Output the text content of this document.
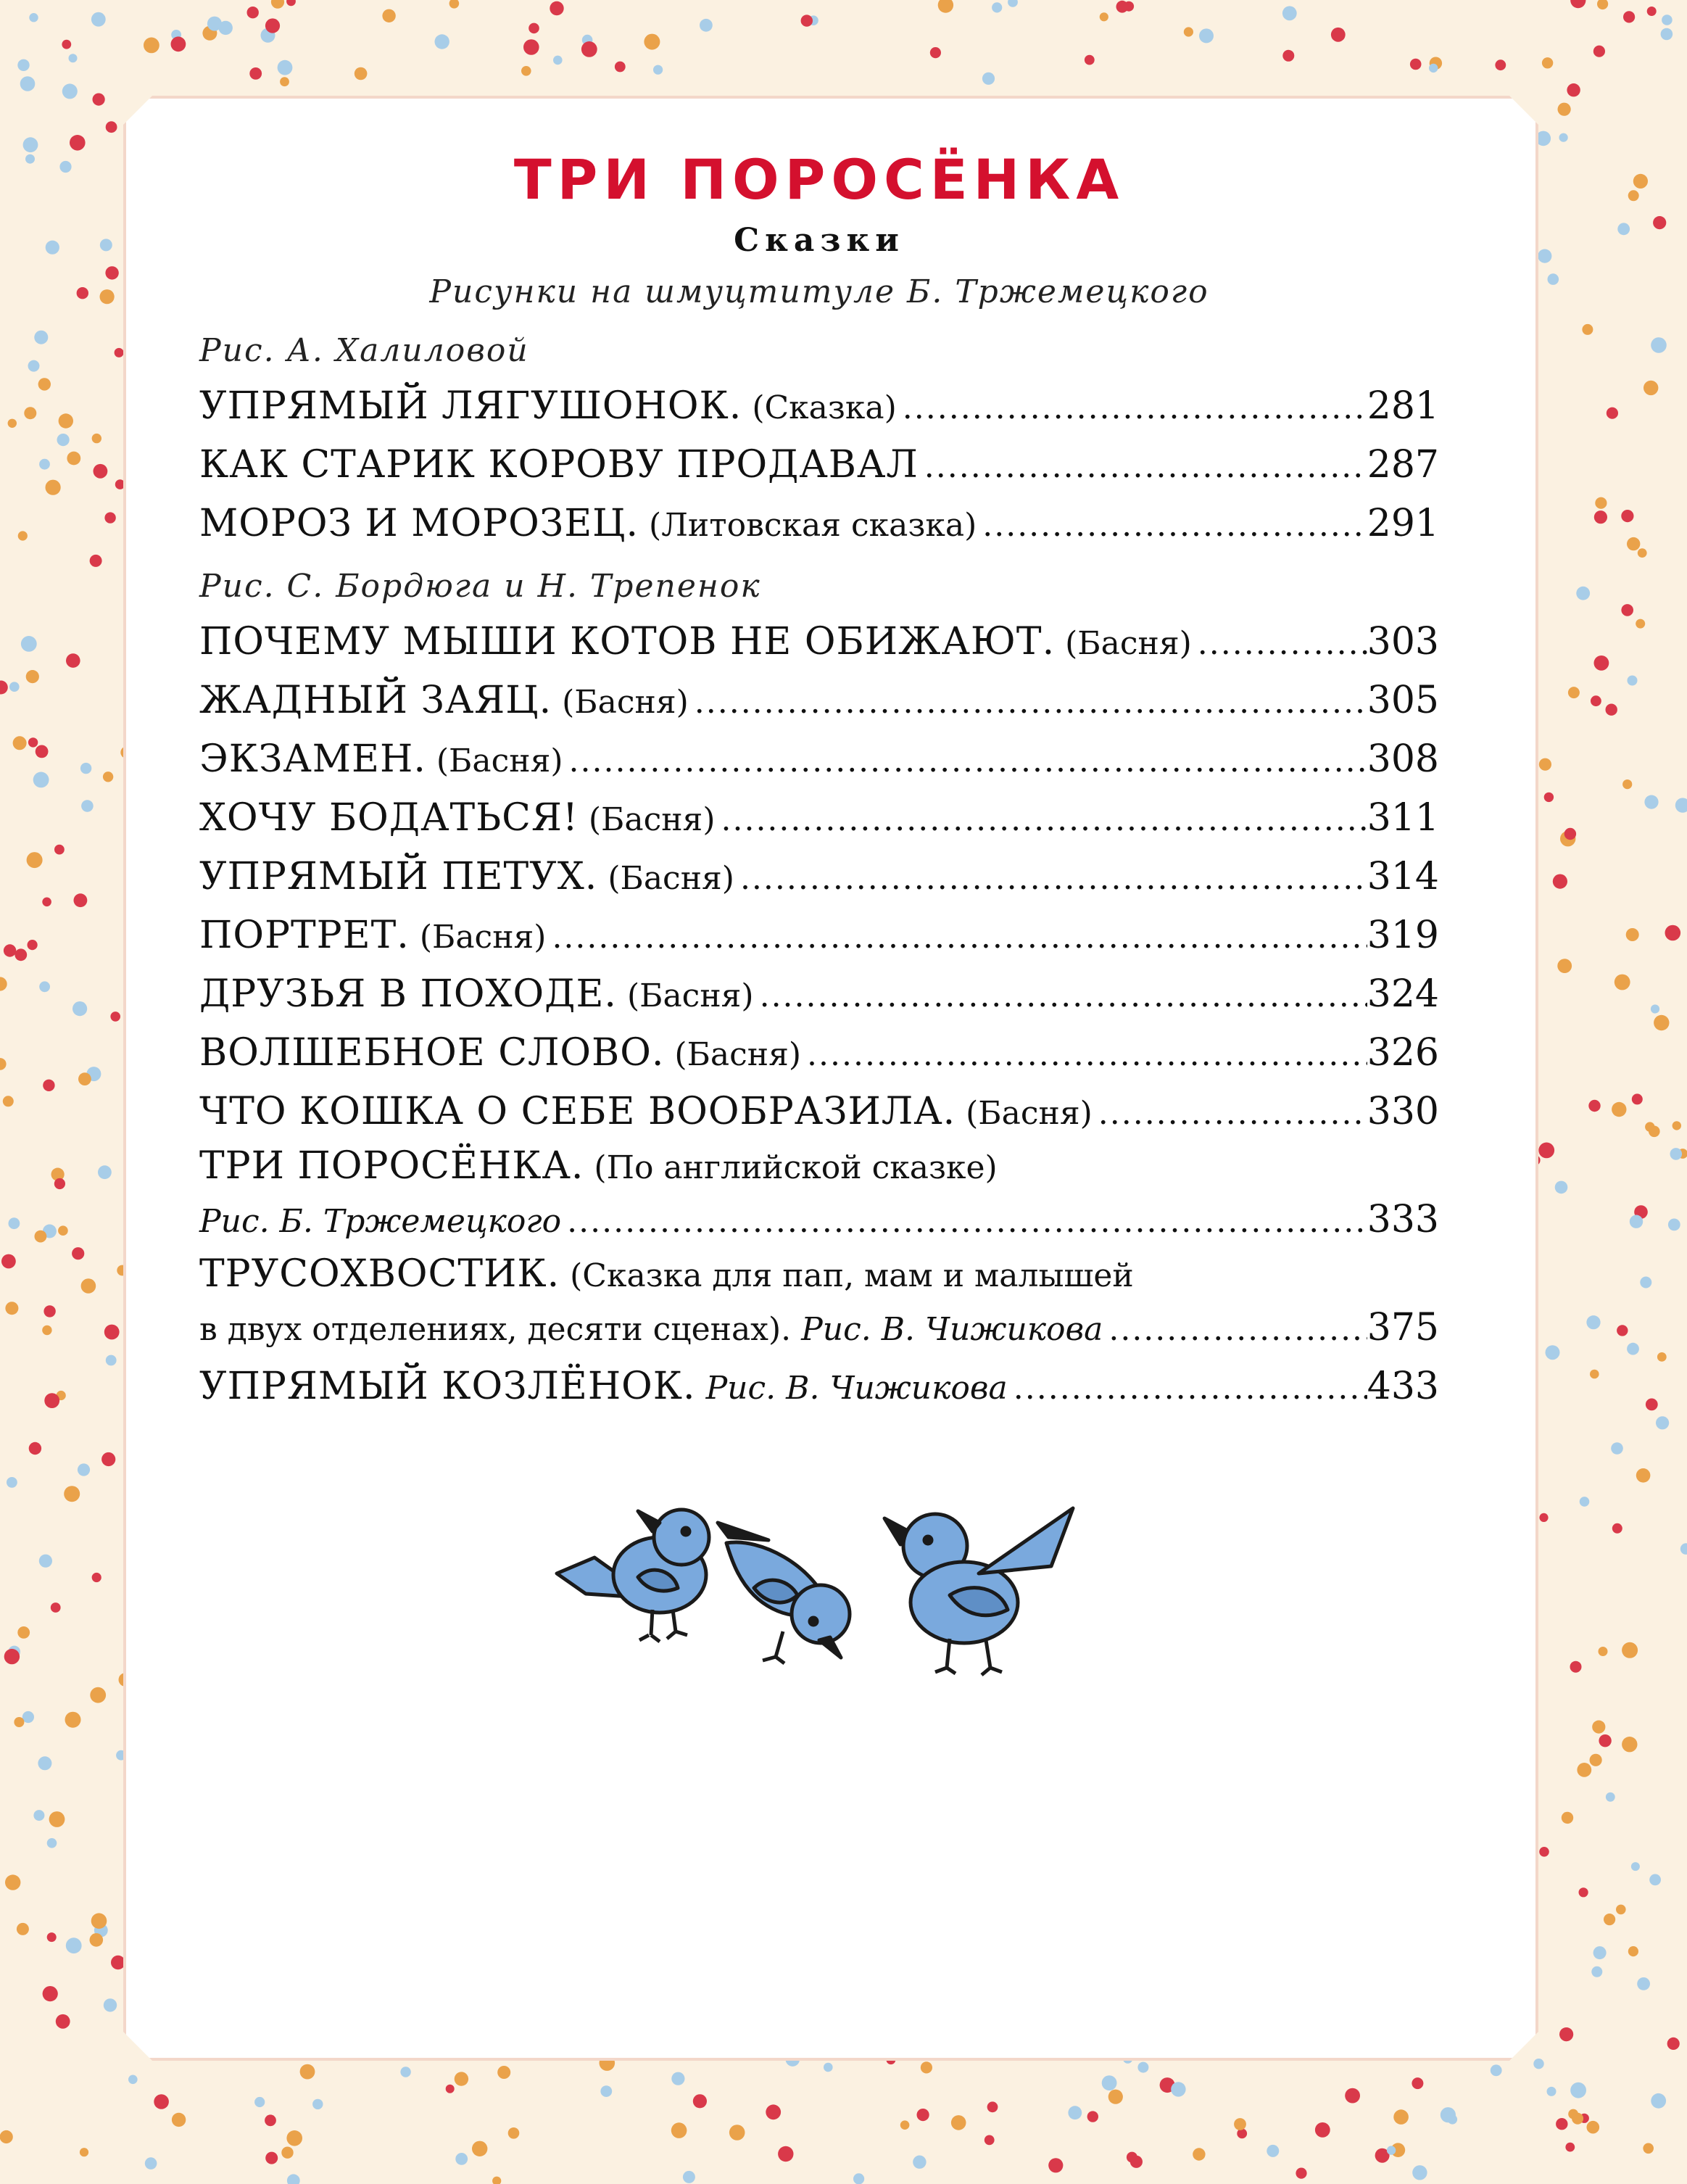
ТРИ ПОРОСЁНКА
Сказки
Рисунки на шмуцтитуле Б. Тржемецкого
Рис. А. Халиловой
УПРЯМЫЙ ЛЯГУШОНОК. (Сказка) .....	281
КАК СТАРИК КОРОВУ ПРОДАВАЛ .....	287
МОРОЗ И МОРОЗЕЦ. (Литовская сказка) .....	291
Рис. С. Бордюга и Н. Трепенок
ПОЧЕМУ МЫШИ КОТОВ НЕ ОБИЖАЮТ. (Басня) .....	303
ЖАДНЫЙ ЗАЯЦ. (Басня) .....	305
ЭКЗАМЕН. (Басня) .....	308
ХОЧУ БОДАТЬСЯ! (Басня) .....	311
УПРЯМЫЙ ПЕТУХ. (Басня) .....	314
ПОРТРЕТ. (Басня) .....	319
ДРУЗЬЯ В ПОХОДЕ. (Басня) .....	324
ВОЛШЕБНОЕ СЛОВО. (Басня) .....	326
ЧТО КОШКА О СЕБЕ ВООБРАЗИЛА. (Басня) .....	330
ТРИ ПОРОСЁНКА. (По английской сказке)
Рис. Б. Тржемецкого .....	333
ТРУСОХВОСТИК. (Сказка для пап, мам и малышей
в двух отделениях, десяти сценах). Рис. В. Чижикова .....	375
УПРЯМЫЙ КОЗЛЁНОК. Рис. В. Чижикова .....	433
